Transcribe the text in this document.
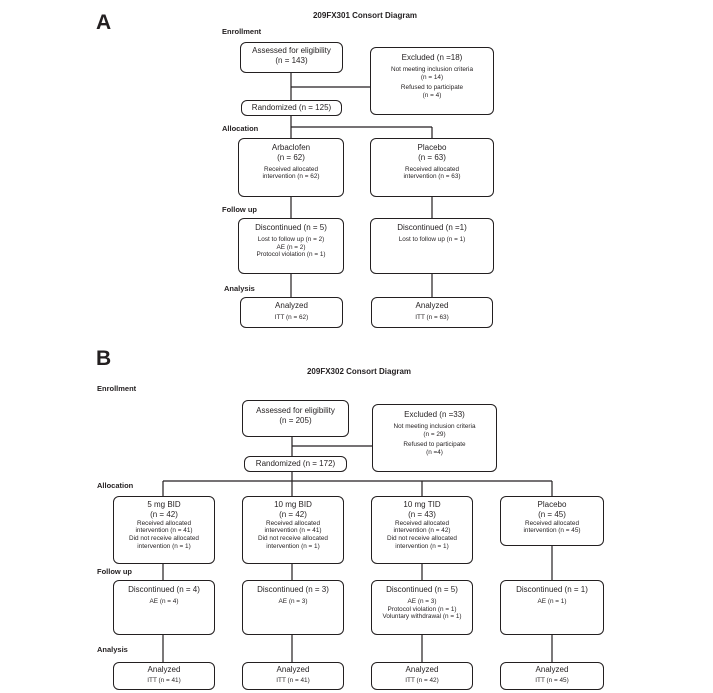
A	209FX301 Consort Diagram
Enrollment
Allocation
Follow up
Analysis
Assessed for eligibility
(n = 143)	Excluded (n =18)
Not meeting inclusion criteria
(n = 14)
Refused to participate
(n = 4)
Randomized (n = 125)
Arbaclofen
(n = 62)
Received allocated
intervention (n = 62)
Discontinued (n = 5)
Lost to follow up (n = 2)
AE (n = 2)
Protocol violation (n = 1)
Analyzed
ITT (n = 62)
Placebo
(n = 63)
Received allocated
intervention (n = 63)
Discontinued (n =1)
Lost to follow up (n = 1)
Analyzed
ITT (n = 63)
B
209FX302 Consort Diagram
Enrollment
Allocation
Follow up
Analysis
Assessed for eligibility
(n = 205)
Excluded (n =33)
Not meeting inclusion criteria
(n = 29)
Refused to participate
(n =4)
Randomized (n = 172)
5 mg BID
(n = 42)
Received allocated
intervention (n = 41)
Did not receive allocated
intervention (n = 1)
10 mg BID
(n = 42)
Received allocated
intervention (n = 41)
Did not receive allocated
intervention (n = 1)
10 mg TID
(n = 43)
Received allocated
intervention (n = 42)
Did not receive allocated
intervention (n = 1)
Placebo
(n = 45)
Received allocated
intervention (n = 45)
Discontinued (n = 4)
AE (n = 4)
Discontinued (n = 3)
AE (n = 3)
Discontinued (n = 5)
AE (n = 3)
Protocol violation (n = 1)
Voluntary withdrawal (n = 1)
Discontinued (n = 1)
AE (n = 1)
Analyzed
ITT (n = 41)
Analyzed
ITT (n = 41)
Analyzed
ITT (n = 42)
Analyzed
ITT (n = 45)
